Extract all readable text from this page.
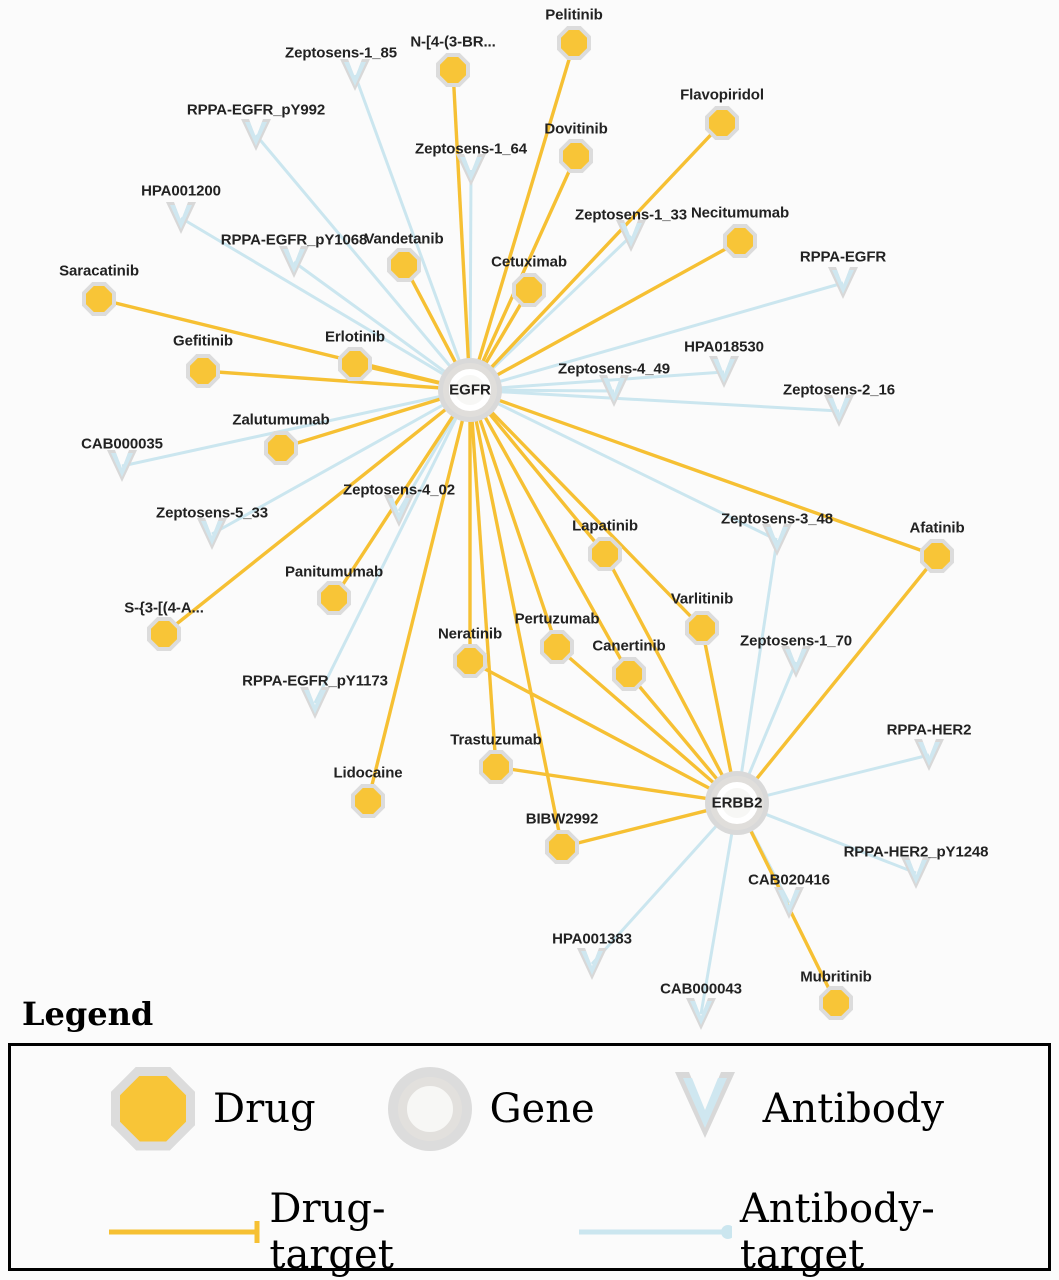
Pelitinib
N-[4-(3-BR...
Flavopiridol
Dovitinib
Necitumumab
Vandetanib
Cetuximab
Saracatinib
Erlotinib
Gefitinib
Zalutumumab
Afatinib
Lapatinib
Panitumumab
S-{3-[(4-A...
Varlitinib
Pertuzumab
Neratinib
Canertinib
Trastuzumab
Lidocaine
BIBW2992
Mubritinib
Zeptosens-1_85
RPPA-EGFR_pY992
Zeptosens-1_64
HPA001200
Zeptosens-1_33
RPPA-EGFR_pY1068
RPPA-EGFR
HPA018530
Zeptosens-4_49
Zeptosens-2_16
CAB000035
Zeptosens-4_02
Zeptosens-5_33	Zeptosens-3_48
Zeptosens-1_70
RPPA-EGFR_pY1173
RPPA-HER2
RPPA-HER2_pY1248
CAB020416
HPA001383
CAB000043
EGFR
ERBB2
Legend
Drug	Gene	Antibody
Drug-target
Antibody-target
